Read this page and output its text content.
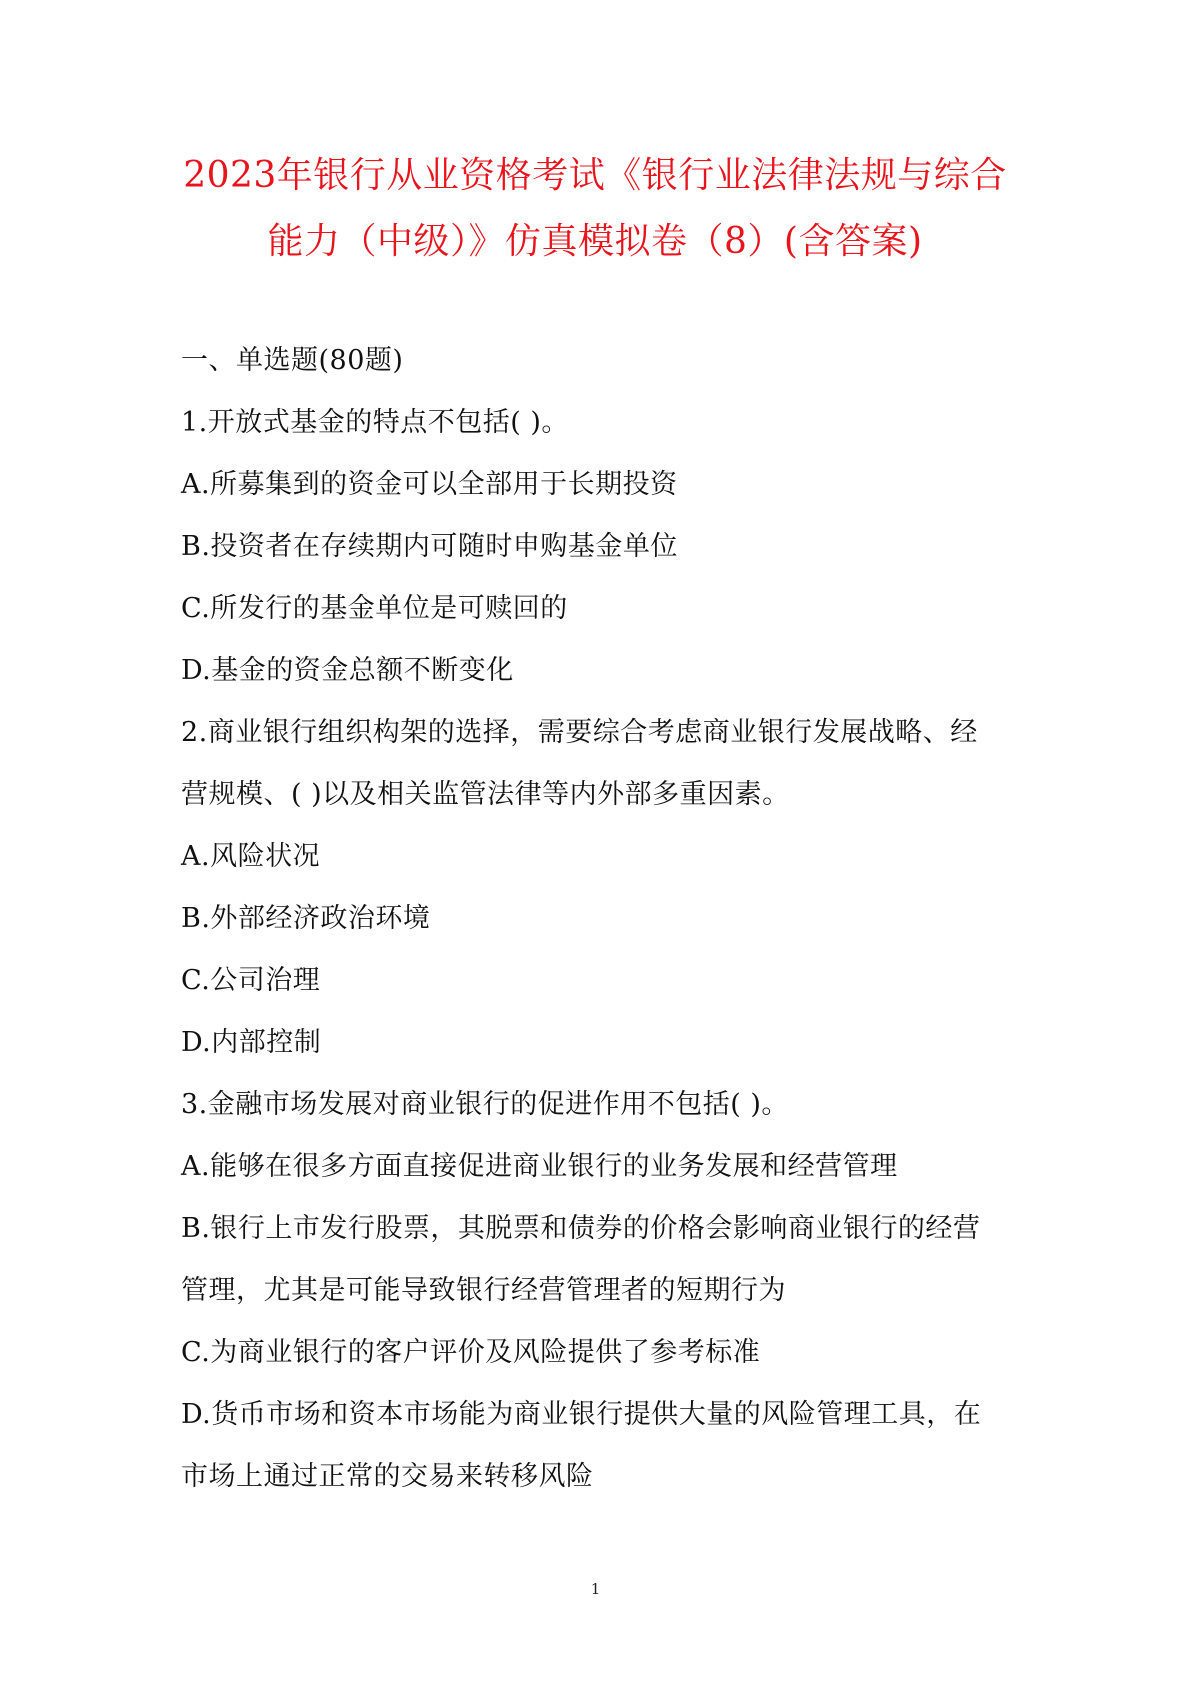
2023年银行从业资格考试《银行业法律法规与综合
能力（中级）》仿真模拟卷（8）(含答案)
一、单选题(80题)
1.开放式基金的特点不包括( )。
A.所募集到的资金可以全部用于长期投资
B.投资者在存续期内可随时申购基金单位
C.所发行的基金单位是可赎回的
D.基金的资金总额不断变化
2.商业银行组织构架的选择，需要综合考虑商业银行发展战略、经
营规模、( )以及相关监管法律等内外部多重因素。
A.风险状况
B.外部经济政治环境
C.公司治理
D.内部控制
3.金融市场发展对商业银行的促进作用不包括( )。
A.能够在很多方面直接促进商业银行的业务发展和经营管理
B.银行上市发行股票，其脱票和债券的价格会影响商业银行的经营
管理，尤其是可能导致银行经营管理者的短期行为
C.为商业银行的客户评价及风险提供了参考标准
D.货币市场和资本市场能为商业银行提供大量的风险管理工具，在
市场上通过正常的交易来转移风险
1
